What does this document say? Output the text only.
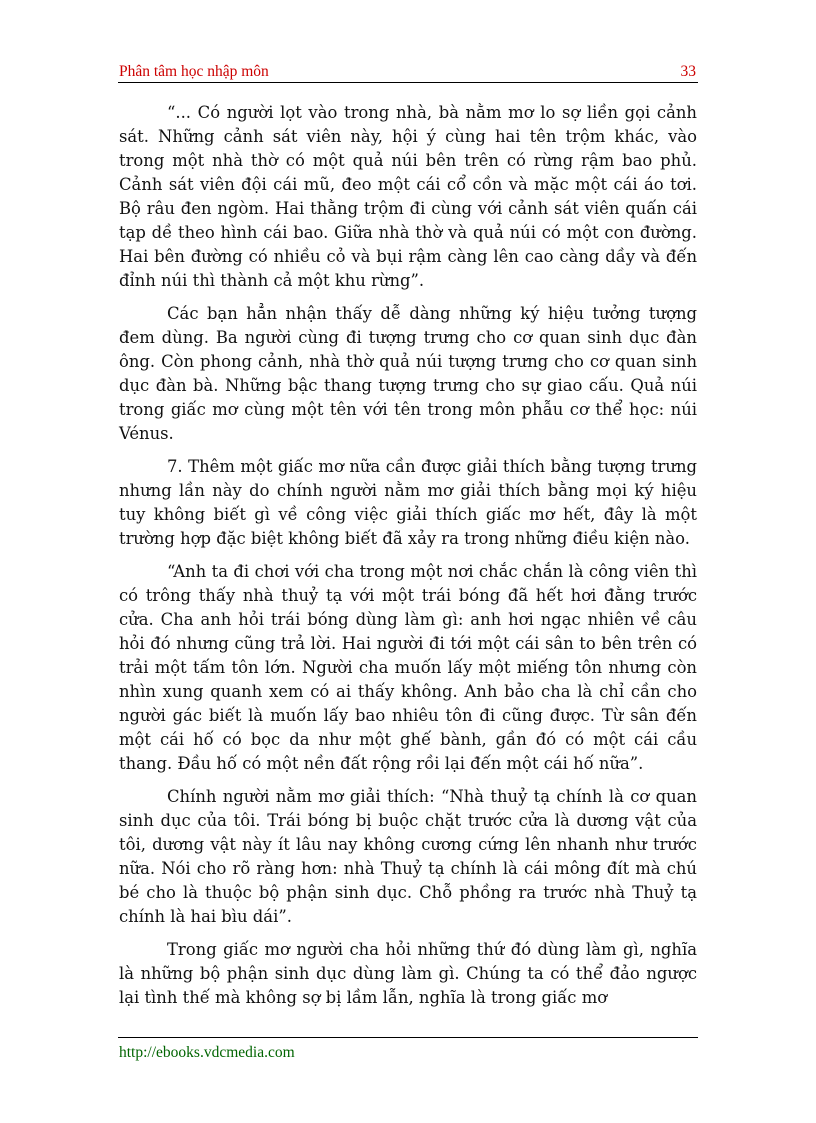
Phân tâm học nhập môn	33

“... Có người lọt vào trong nhà, bà nằm mơ lo sợ liền gọi cảnh sát. Những cảnh sát viên này, hội ý cùng hai tên trộm khác, vào trong một nhà thờ có một quả núi bên trên có rừng rậm bao phủ. Cảnh sát viên đội cái mũ, đeo một cái cổ cồn và mặc một cái áo tơi. Bộ râu đen ngòm. Hai thằng trộm đi cùng với cảnh sát viên quấn cái tạp dề theo hình cái bao. Giữa nhà thờ và quả núi có một con đường. Hai bên đường có nhiều cỏ và bụi rậm càng lên cao càng dầy và đến đỉnh núi thì thành cả một khu rừng”.

Các bạn hẳn nhận thấy dễ dàng những ký hiệu tưởng tượng đem dùng. Ba người cùng đi tượng trưng cho cơ quan sinh dục đàn ông. Còn phong cảnh, nhà thờ quả núi tượng trưng cho cơ quan sinh dục đàn bà. Những bậc thang tượng trưng cho sự giao cấu. Quả núi trong giấc mơ cùng một tên với tên trong môn phẫu cơ thể học: núi Vénus.

7. Thêm một giấc mơ nữa cần được giải thích bằng tượng trưng nhưng lần này do chính người nằm mơ giải thích bằng mọi ký hiệu tuy không biết gì về công việc giải thích giấc mơ hết, đây là một trường hợp đặc biệt không biết đã xảy ra trong những điều kiện nào.

“Anh ta đi chơi với cha trong một nơi chắc chắn là công viên thì có trông thấy nhà thuỷ tạ với một trái bóng đã hết hơi đằng trước cửa. Cha anh hỏi trái bóng dùng làm gì: anh hơi ngạc nhiên về câu hỏi đó nhưng cũng trả lời. Hai người đi tới một cái sân to bên trên có trải một tấm tôn lớn. Người cha muốn lấy một miếng tôn nhưng còn nhìn xung quanh xem có ai thấy không. Anh bảo cha là chỉ cần cho người gác biết là muốn lấy bao nhiêu tôn đi cũng được. Từ sân đến một cái hố có bọc da như một ghế bành, gần đó có một cái cầu thang. Đầu hố có một nền đất rộng rồi lại đến một cái hố nữa”.

Chính người nằm mơ giải thích: “Nhà thuỷ tạ chính là cơ quan sinh dục của tôi. Trái bóng bị buộc chặt trước cửa là dương vật của tôi, dương vật này ít lâu nay không cương cứng lên nhanh như trước nữa. Nói cho rõ ràng hơn: nhà Thuỷ tạ chính là cái mông đít mà chú bé cho là thuộc bộ phận sinh dục. Chỗ phồng ra trước nhà Thuỷ tạ chính là hai bìu dái”.

Trong giấc mơ người cha hỏi những thứ đó dùng làm gì, nghĩa là những bộ phận sinh dục dùng làm gì. Chúng ta có thể đảo ngược lại tình thế mà không sợ bị lầm lẫn, nghĩa là trong giấc mơ

http://ebooks.vdcmedia.com
